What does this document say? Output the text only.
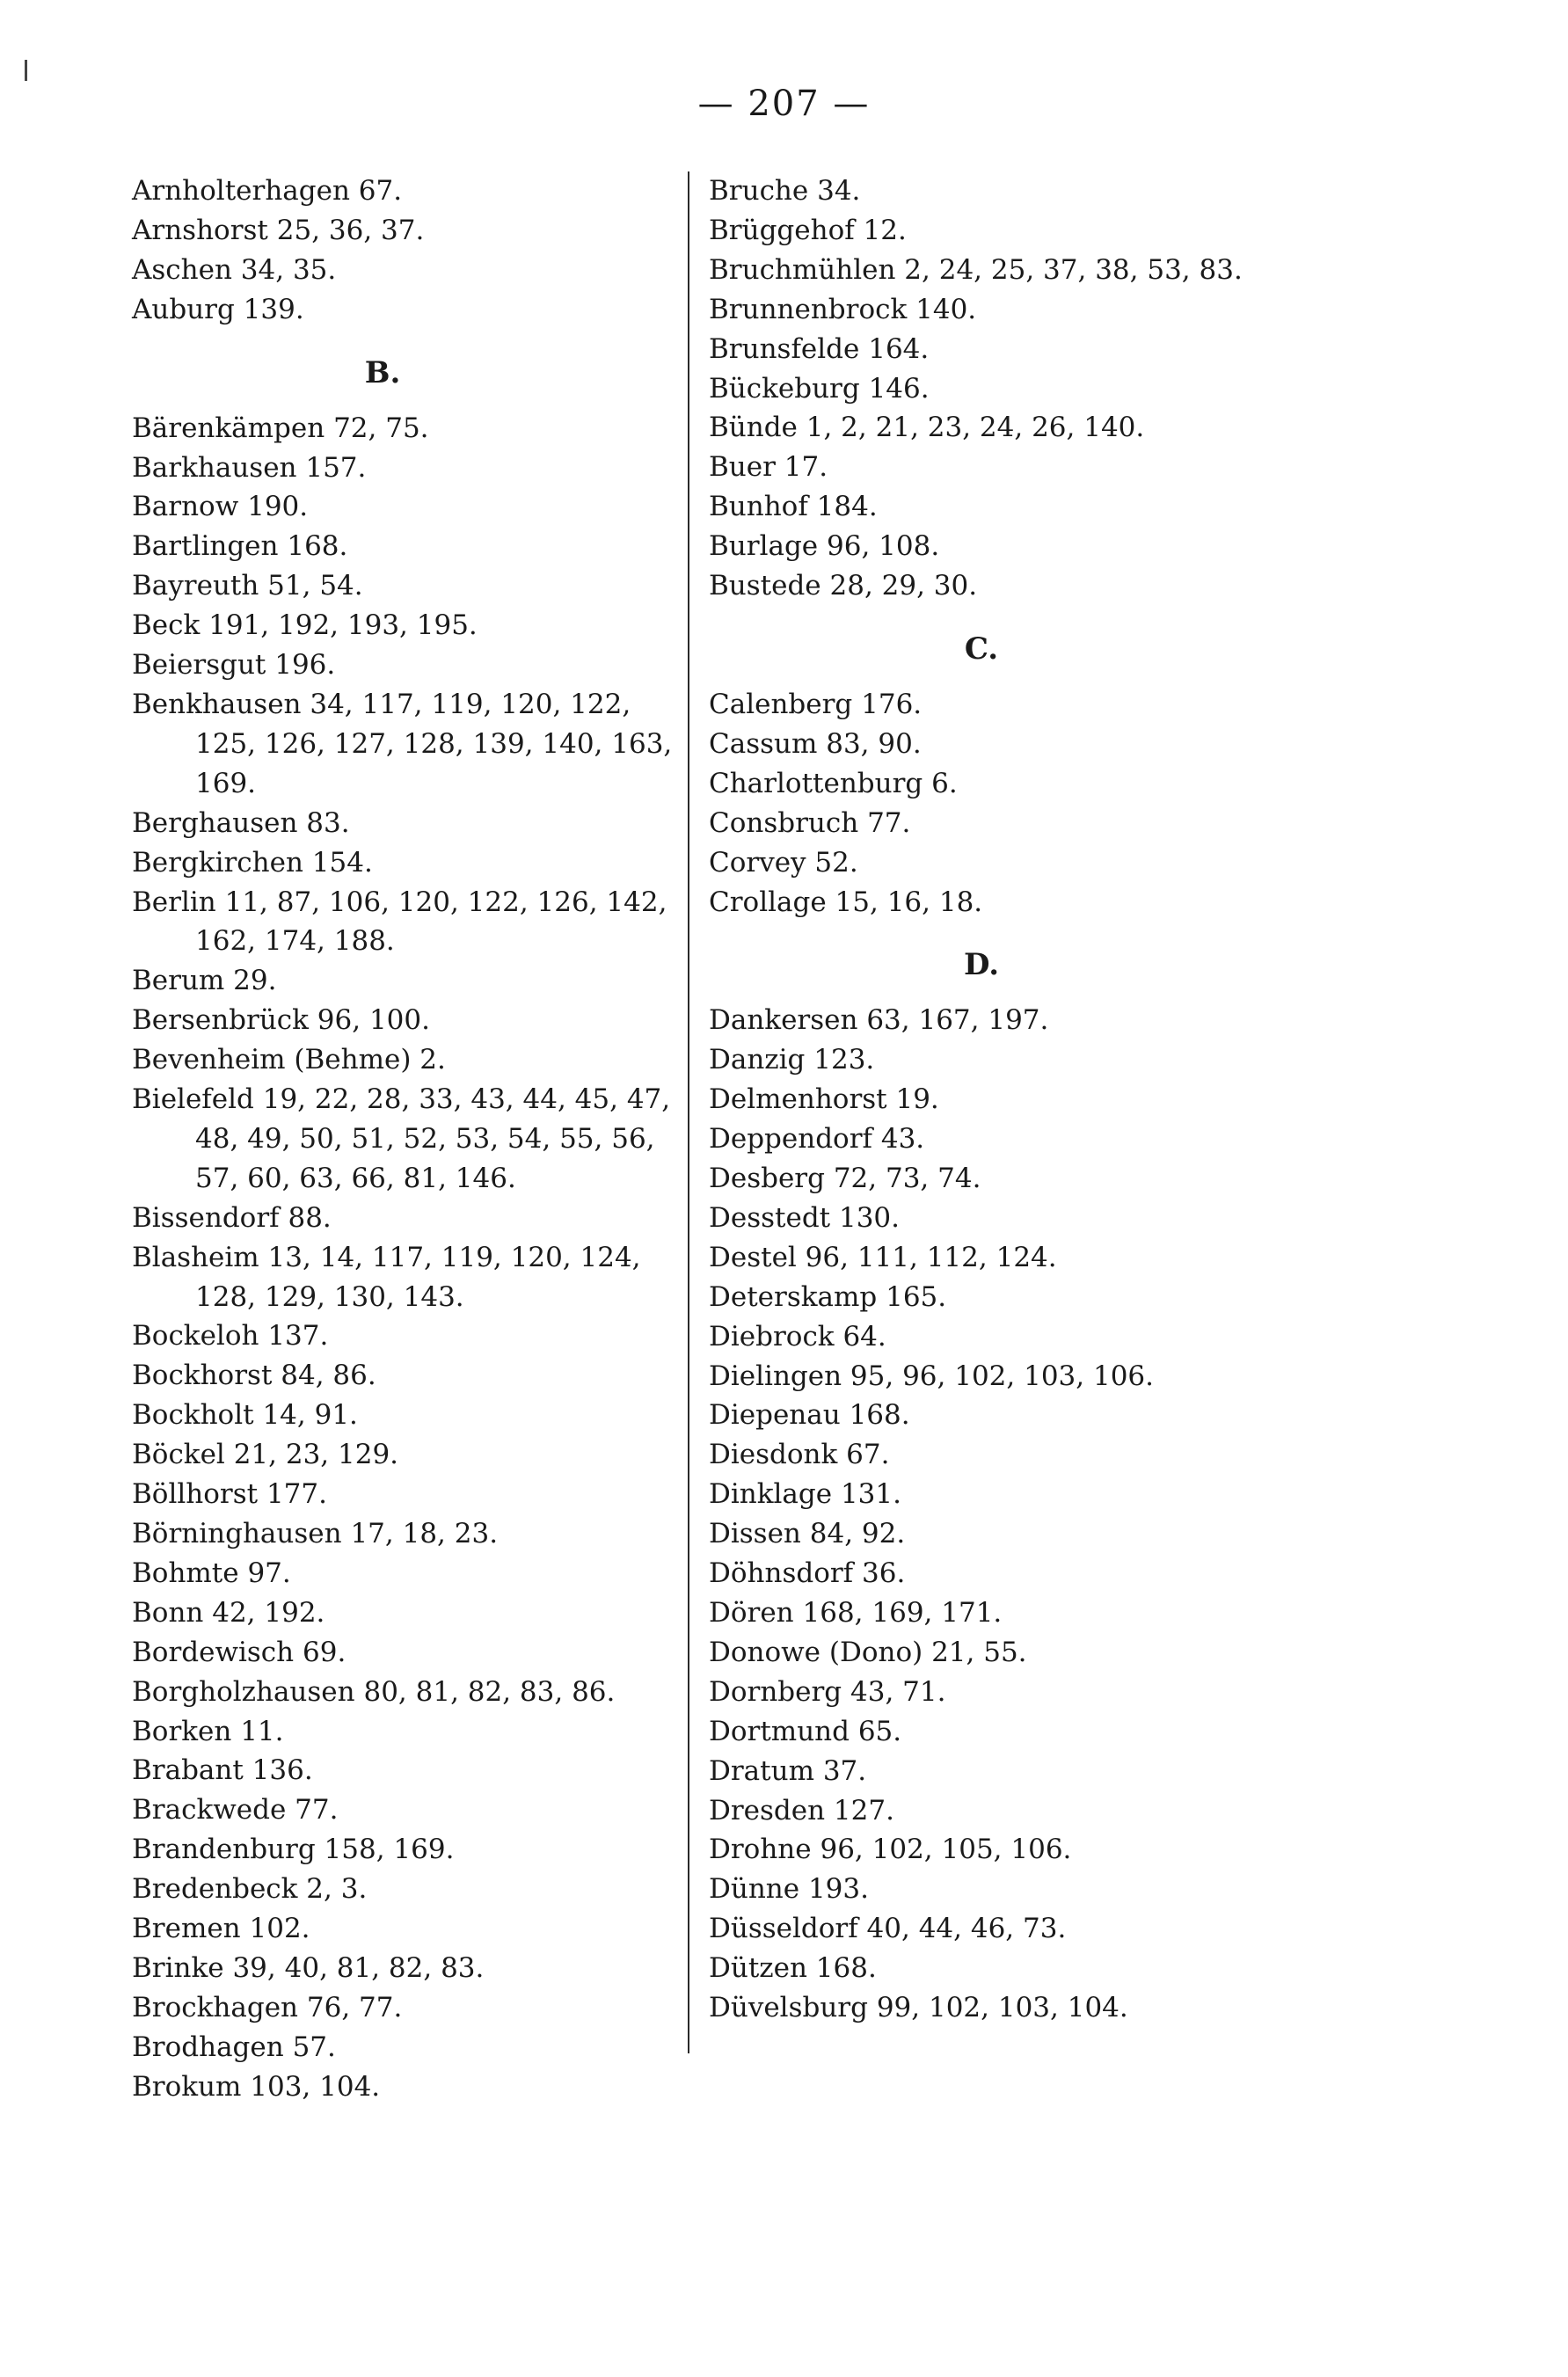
— 207 —
Arnholterhagen 67.
Arnshorst 25, 36, 37.
Aschen 34, 35.
Auburg 139.
B.
Bärenkämpen 72, 75.
Barkhausen 157.
Barnow 190.
Bartlingen 168.
Bayreuth 51, 54.
Beck 191, 192, 193, 195.
Beiersgut 196.
Benkhausen 34, 117, 119, 120, 122, 125, 126, 127, 128, 139, 140, 163, 169.
Berghausen 83.
Bergkirchen 154.
Berlin 11, 87, 106, 120, 122, 126, 142, 162, 174, 188.
Berum 29.
Bersenbrück 96, 100.
Bevenheim (Behme) 2.
Bielefeld 19, 22, 28, 33, 43, 44, 45, 47, 48, 49, 50, 51, 52, 53, 54, 55, 56, 57, 60, 63, 66, 81, 146.
Bissendorf 88.
Blasheim 13, 14, 117, 119, 120, 124, 128, 129, 130, 143.
Bockeloh 137.
Bockhorst 84, 86.
Bockholt 14, 91.
Böckel 21, 23, 129.
Böllhorst 177.
Börninghausen 17, 18, 23.
Bohmte 97.
Bonn 42, 192.
Bordewisch 69.
Borgholzhausen 80, 81, 82, 83, 86.
Borken 11.
Brabant 136.
Brackwede 77.
Brandenburg 158, 169.
Bredenbeck 2, 3.
Bremen 102.
Brinke 39, 40, 81, 82, 83.
Brockhagen 76, 77.
Brodhagen 57.
Brokum 103, 104.
Bruche 34.
Brüggehof 12.
Bruchmühlen 2, 24, 25, 37, 38, 53, 83.
Brunnenbrock 140.
Brunsfelde 164.
Bückeburg 146.
Bünde 1, 2, 21, 23, 24, 26, 140.
Buer 17.
Bunhof 184.
Burlage 96, 108.
Bustede 28, 29, 30.
C.
Calenberg 176.
Cassum 83, 90.
Charlottenburg 6.
Consbruch 77.
Corvey 52.
Crollage 15, 16, 18.
D.
Dankersen 63, 167, 197.
Danzig 123.
Delmenhorst 19.
Deppendorf 43.
Desberg 72, 73, 74.
Desstedt 130.
Destel 96, 111, 112, 124.
Deterskamp 165.
Diebrock 64.
Dielingen 95, 96, 102, 103, 106.
Diepenau 168.
Diesdonk 67.
Dinklage 131.
Dissen 84, 92.
Döhnsdorf 36.
Dören 168, 169, 171.
Donowe (Dono) 21, 55.
Dornberg 43, 71.
Dortmund 65.
Dratum 37.
Dresden 127.
Drohne 96, 102, 105, 106.
Dünne 193.
Düsseldorf 40, 44, 46, 73.
Dützen 168.
Düvelsburg 99, 102, 103, 104.
